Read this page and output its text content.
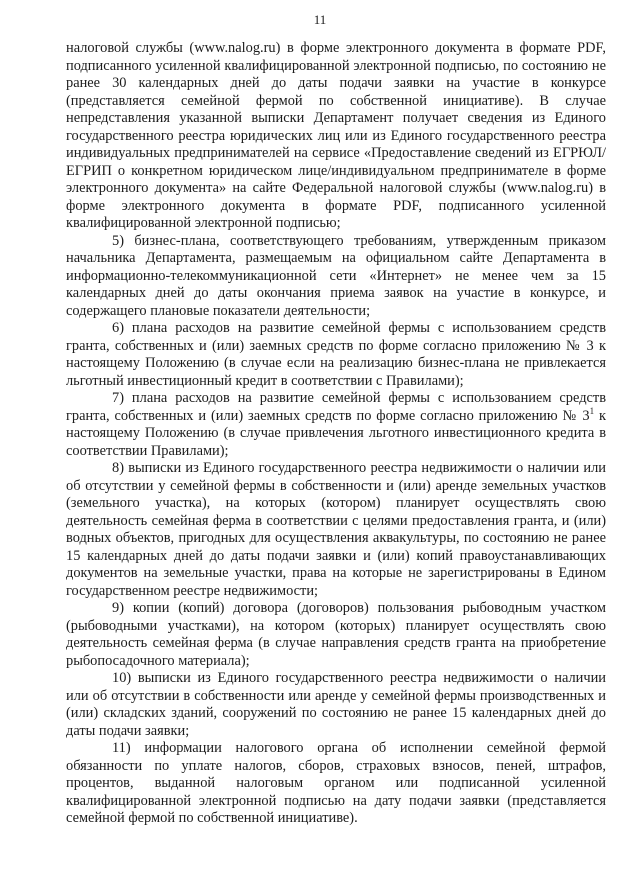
11

налоговой службы (www.nalog.ru) в форме электронного документа в формате PDF, подписанного усиленной квалифицированной электронной подписью, по состоянию не ранее 30 календарных дней до даты подачи заявки на участие в конкурсе (представляется семейной фермой по собственной инициативе). В случае непредставления указанной выписки Департамент получает сведения из Единого государственного реестра юридических лиц или из Единого государственного реестра индивидуальных предпринимателей на сервисе «Предоставление сведений из ЕГРЮЛ/ЕГРИП о конкретном юридическом лице/индивидуальном предпринимателе в форме электронного документа» на сайте Федеральной налоговой службы (www.nalog.ru) в форме электронного документа в формате PDF, подписанного усиленной квалифицированной электронной подписью;

5) бизнес-плана, соответствующего требованиям, утвержденным приказом начальника Департамента, размещаемым на официальном сайте Департамента в информационно-телекоммуникационной сети «Интернет» не менее чем за 15 календарных дней до даты окончания приема заявок на участие в конкурсе, и содержащего плановые показатели деятельности;

6) плана расходов на развитие семейной фермы с использованием средств гранта, собственных и (или) заемных средств по форме согласно приложению № 3 к настоящему Положению (в случае если на реализацию бизнес-плана не привлекается льготный инвестиционный кредит в соответствии с Правилами);

7) плана расходов на развитие семейной фермы с использованием средств гранта, собственных и (или) заемных средств по форме согласно приложению № $3^1$ к настоящему Положению (в случае привлечения льготного инвестиционного кредита в соответствии Правилами);

8) выписки из Единого государственного реестра недвижимости о наличии или об отсутствии у семейной фермы в собственности и (или) аренде земельных участков (земельного участка), на которых (котором) планирует осуществлять свою деятельность семейная ферма в соответствии с целями предоставления гранта, и (или) водных объектов, пригодных для осуществления аквакультуры, по состоянию не ранее 15 календарных дней до даты подачи заявки и (или) копий правоустанавливающих документов на земельные участки, права на которые не зарегистрированы в Едином государственном реестре недвижимости;

9) копии (копий) договора (договоров) пользования рыбоводным участком (рыбоводными участками), на котором (которых) планирует осуществлять свою деятельность семейная ферма (в случае направления средств гранта на приобретение рыбопосадочного материала);

10) выписки из Единого государственного реестра недвижимости о наличии или об отсутствии в собственности или аренде у семейной фермы производственных и (или) складских зданий, сооружений по состоянию не ранее 15 календарных дней до даты подачи заявки;

11) информации налогового органа об исполнении семейной фермой обязанности по уплате налогов, сборов, страховых взносов, пеней, штрафов, процентов, выданной налоговым органом или подписанной усиленной квалифицированной электронной подписью на дату подачи заявки (представляется семейной фермой по собственной инициативе).
